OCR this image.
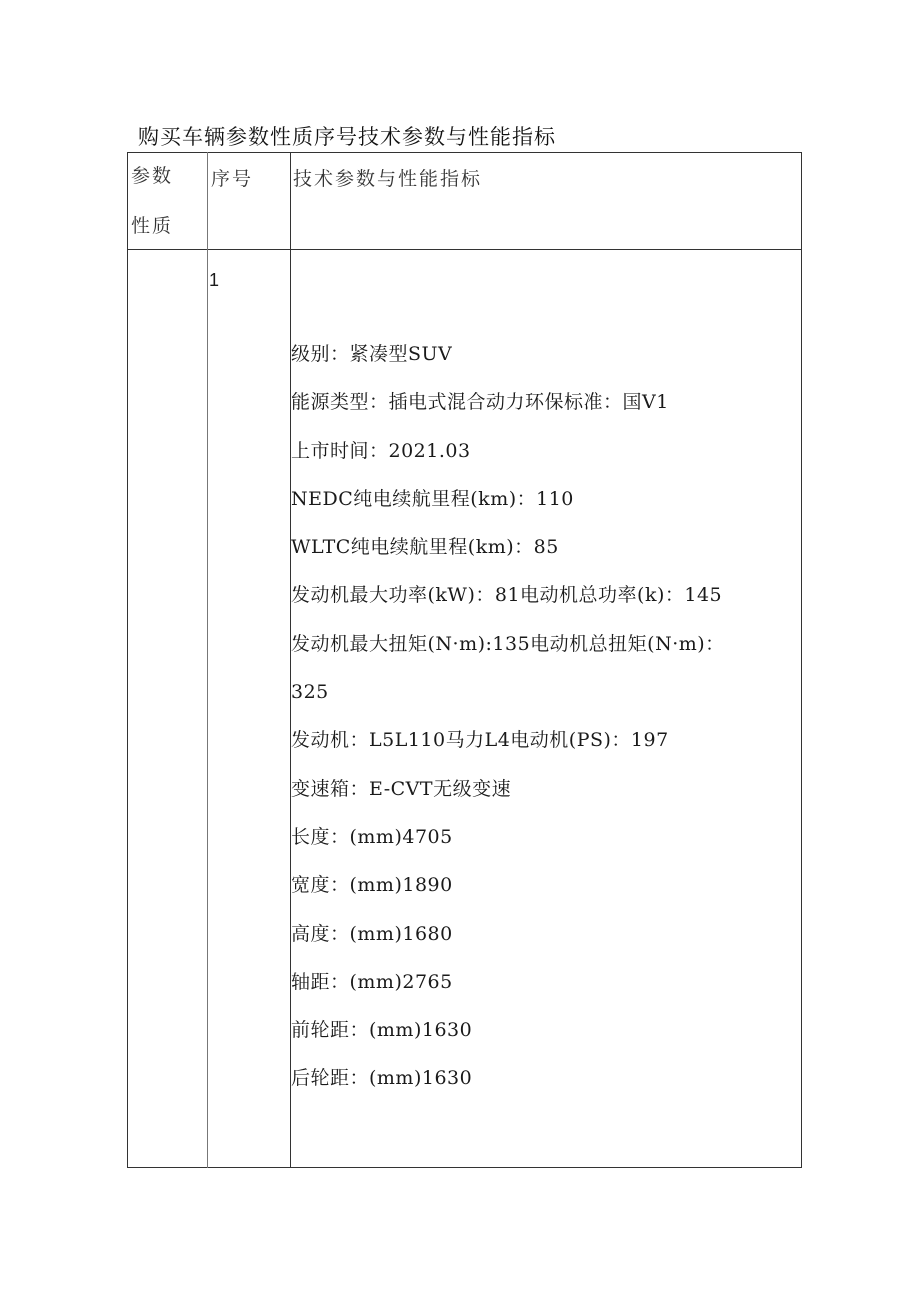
购买车辆参数性质序号技术参数与性能指标
参数
性质
序号 技术参数与性能指标
1
级别：紧凑型SUV
能源类型：插电式混合动力环保标准：国V1
上市时间：2021.03
NEDC纯电续航里程(km)：110
WLTC纯电续航里程(km)：85
发动机最大功率(kW)：81电动机总功率(k)：145
发动机最大扭矩(N·m):135电动机总扭矩(N·m)：
325
发动机：L5L110马力L4电动机(PS)：197
变速箱：E-CVT无级变速
长度：(mm)4705
宽度：(mm)1890
高度：(mm)1680
轴距：(mm)2765
前轮距：(mm)1630
后轮距：(mm)1630
